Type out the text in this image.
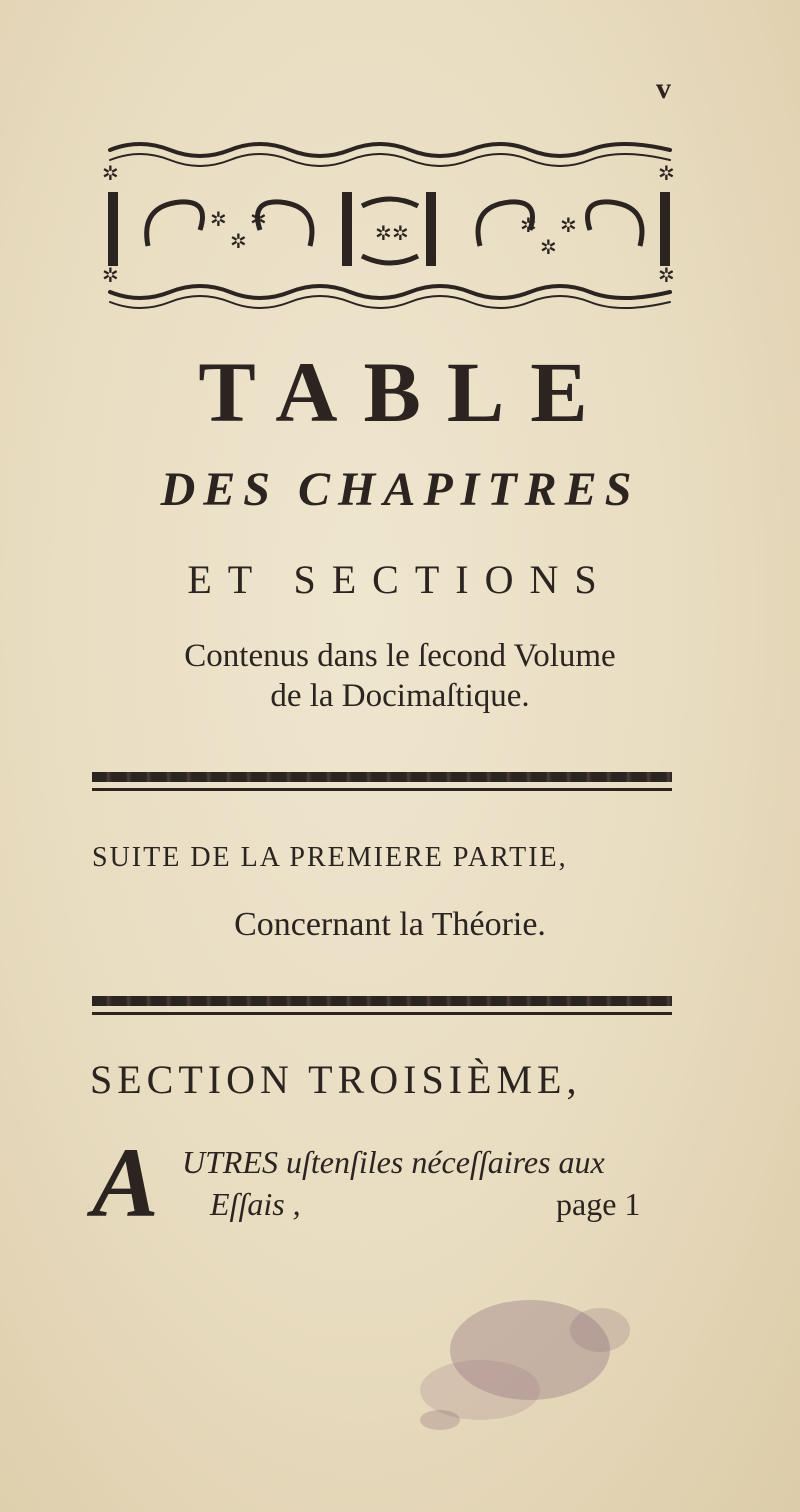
v
✲
✲
✲
✲ ✲	✲
✲
✲
✲	✲
✲	✲
TABLE
DES CHAPITRES
ET SECTIONS
Contenus dans le ſecond Volume
de la Docimaſtique.
SUITE DE LA PREMIERE PARTIE,
Concernant la Théorie.
SECTION TROISIÈME,
A UTRES uſtenſiles néceſſaires aux
Eſſais ,	page 1
